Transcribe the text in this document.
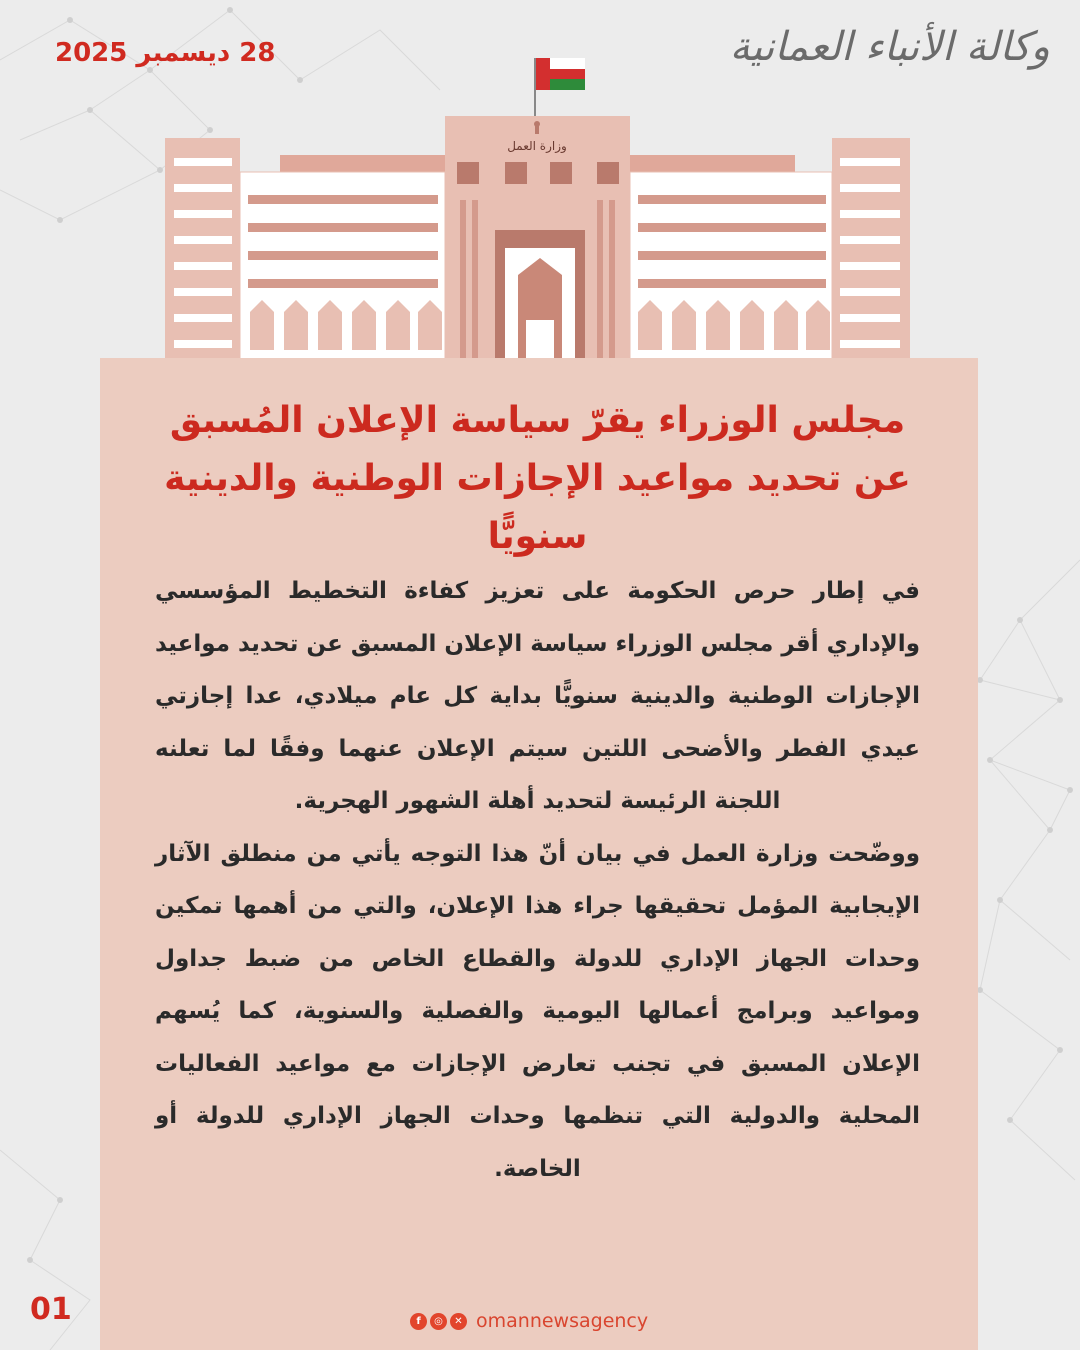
28 ديسمبر 2025	وكالة الأنباء العمانية
وزارة العمل
مجلس الوزراء يقرّ سياسة الإعلان المُسبق عن تحديد مواعيد الإجازات الوطنية والدينية سنويًّا

في إطار حرص الحكومة على تعزيز كفاءة التخطيط المؤسسي والإداري أقر مجلس الوزراء سياسة الإعلان المسبق عن تحديد مواعيد الإجازات الوطنية والدينية سنويًّا بداية كل عام ميلادي، عدا إجازتي عيدي الفطر والأضحى اللتين سيتم الإعلان عنهما وفقًا لما تعلنه اللجنة الرئيسة لتحديد أهلة الشهور الهجرية.

ووضّحت وزارة العمل في بيان أنّ هذا التوجه يأتي من منطلق الآثار الإيجابية المؤمل تحقيقها جراء هذا الإعلان، والتي من أهمها تمكين وحدات الجهاز الإداري للدولة والقطاع الخاص من ضبط جداول ومواعيد وبرامج أعمالها اليومية والفصلية والسنوية، كما يُسهم الإعلان المسبق في تجنب تعارض الإجازات مع مواعيد الفعاليات المحلية والدولية التي تنظمها وحدات الجهاز الإداري للدولة أو الخاصة.

01	f	◎	✕ omannewsagency
